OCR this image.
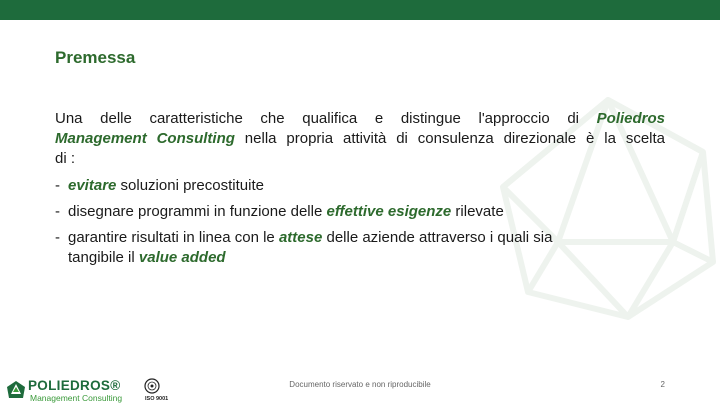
Premessa
Una delle caratteristiche che qualifica e distingue l'approccio di Poliedros
Management Consulting nella propria attività di consulenza direzionale è la scelta
di :
- evitare soluzioni precostituite
- disegnare programmi in funzione delle effettive esigenze rilevate
- garantire risultati in linea con le attese delle aziende attraverso i quali sia
tangibile il value added
POLIEDROS®
Management Consulting	ISO 9001
Documento riservato e non riproducibile	2
